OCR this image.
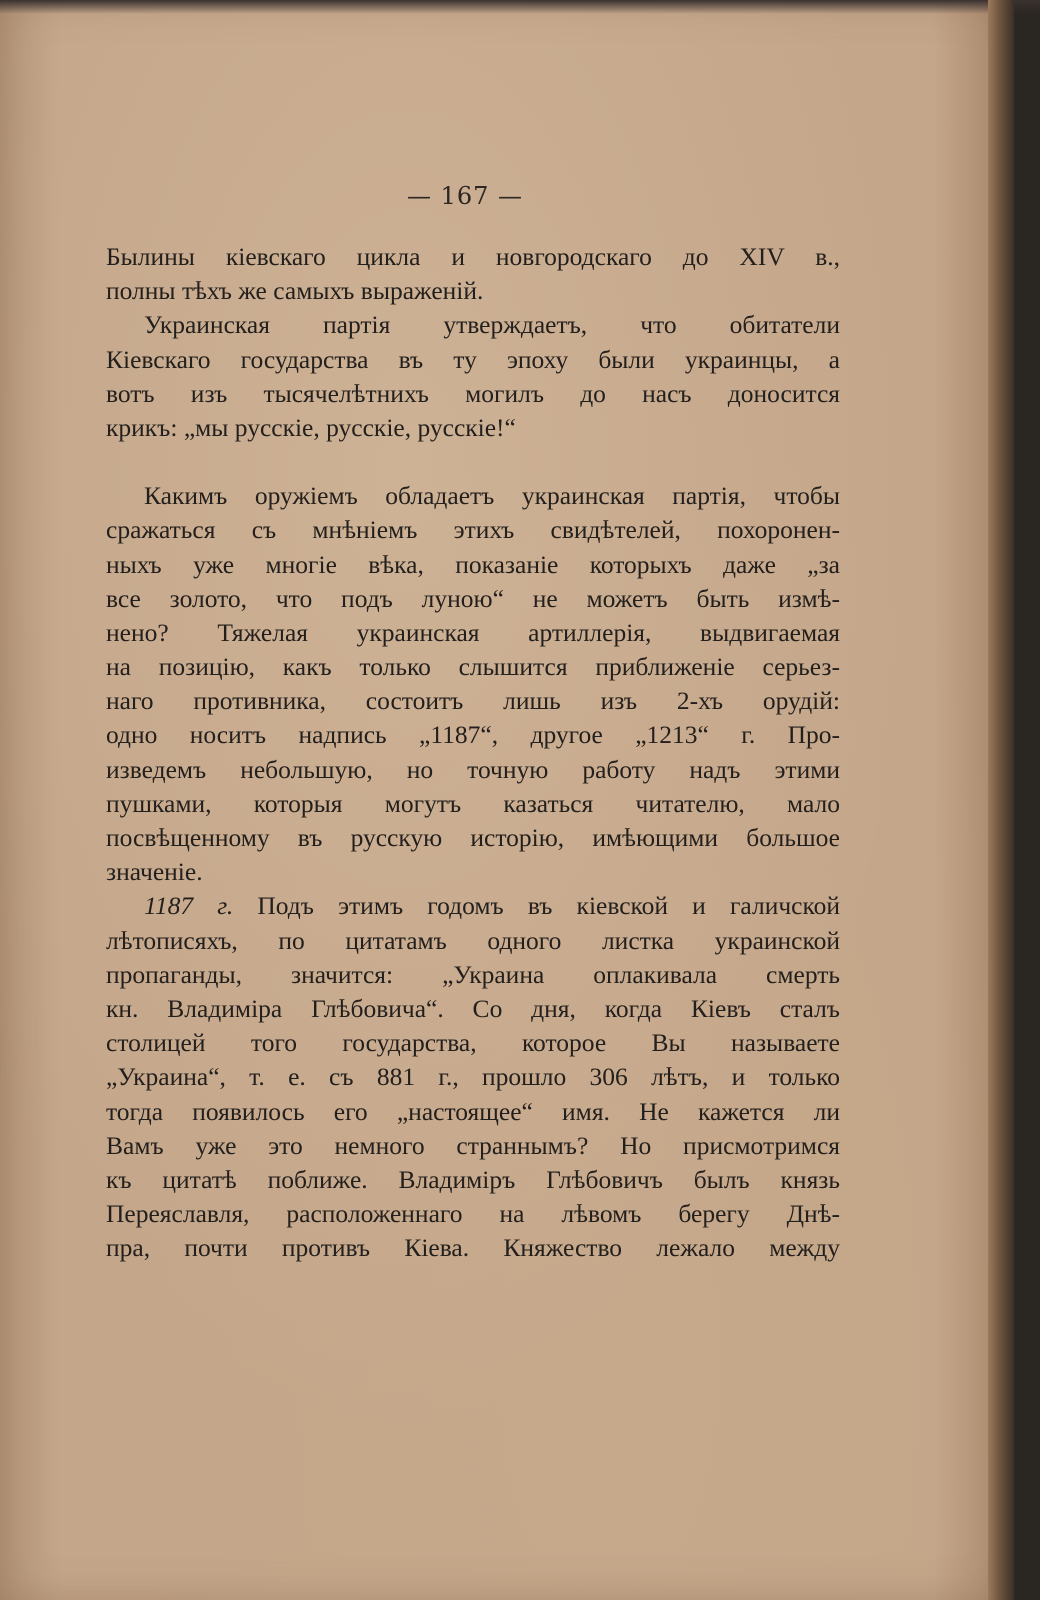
— 167 —
Былины кіевскаго цикла и новгородскаго до XIV в.,
полны тѣхъ же самыхъ выраженій.
Украинская партія утверждаетъ, что обитатели
Кіевскаго государства въ ту эпоху были украинцы, а
вотъ изъ тысячелѣтнихъ могилъ до насъ доносится
крикъ: „мы русскіе, русскіе, русскіе!“
Какимъ оружіемъ обладаетъ украинская партія, чтобы
сражаться съ мнѣніемъ этихъ свидѣтелей, похоронен-
ныхъ уже многіе вѣка, показаніе которыхъ даже „за
все золото, что подъ луною“ не можетъ быть измѣ-
нено? Тяжелая украинская артиллерія, выдвигаемая
на позицію, какъ только слышится приближеніе серьез-
наго противника, состоитъ лишь изъ 2-хъ орудій:
одно носитъ надпись „1187“, другое „1213“ г. Про-
изведемъ небольшую, но точную работу надъ этими
пушками, которыя могутъ казаться читателю, мало
посвѣщенному въ русскую исторію, имѣющими большое
значеніе.
1187 г. Подъ этимъ годомъ въ кіевской и галичской
лѣтописяхъ, по цитатамъ одного листка украинской
пропаганды, значится: „Украина оплакивала смерть
кн. Владиміра Глѣбовича“. Со дня, когда Кіевъ сталъ
столицей того государства, которое Вы называете
„Украина“, т. е. съ 881 г., прошло 306 лѣтъ, и только
тогда появилось его „настоящее“ имя. Не кажется ли
Вамъ уже это немного страннымъ? Но присмотримся
къ цитатѣ поближе. Владиміръ Глѣбовичъ былъ князь
Переяславля, расположеннаго на лѣвомъ берегу Днѣ-
пра, почти противъ Кіева. Княжество лежало между
